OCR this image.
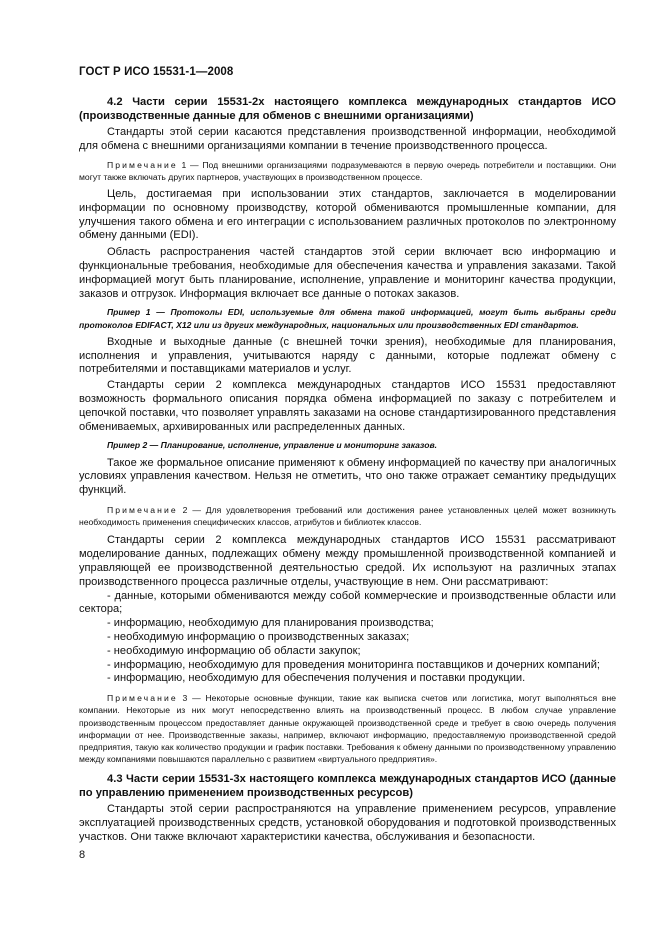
ГОСТ Р ИСО 15531-1—2008

4.2 Части серии 15531-2х настоящего комплекса международных стандартов ИСО (производственные данные для обменов с внешними организациями)

Стандарты этой серии касаются представления производственной информации, необходимой для обмена с внешними организациями компании в течение производственного процесса.

Примечание 1 — Под внешними организациями подразумеваются в первую очередь потребители и поставщики. Они могут также включать других партнеров, участвующих в производственном процессе.

Цель, достигаемая при использовании этих стандартов, заключается в моделировании информации по основному производству, которой обмениваются промышленные компании, для улучшения такого обмена и его интеграции с использованием различных протоколов по электронному обмену данными (EDI).

Область распространения частей стандартов этой серии включает всю информацию и функциональные требования, необходимые для обеспечения качества и управления заказами. Такой информацией могут быть планирование, исполнение, управление и мониторинг качества продукции, заказов и отгрузок. Информация включает все данные о потоках заказов.

Пример 1 — Протоколы EDI, используемые для обмена такой информацией, могут быть выбраны среди протоколов EDIFACT, X12 или из других международных, национальных или производственных EDI стандартов.

Входные и выходные данные (с внешней точки зрения), необходимые для планирования, исполнения и управления, учитываются наряду с данными, которые подлежат обмену с потребителями и поставщиками материалов и услуг.

Стандарты серии 2 комплекса международных стандартов ИСО 15531 предоставляют возможность формального описания порядка обмена информацией по заказу с потребителем и цепочкой поставки, что позволяет управлять заказами на основе стандартизированного представления обмениваемых, архивированных или распределенных данных.

Пример 2 — Планирование, исполнение, управление и мониторинг заказов.

Такое же формальное описание применяют к обмену информацией по качеству при аналогичных условиях управления качеством. Нельзя не отметить, что оно также отражает семантику предыдущих функций.

Примечание 2 — Для удовлетворения требований или достижения ранее установленных целей может возникнуть необходимость применения специфических классов, атрибутов и библиотек классов.

Стандарты серии 2 комплекса международных стандартов ИСО 15531 рассматривают моделирование данных, подлежащих обмену между промышленной производственной компанией и управляющей ее производственной деятельностью средой. Их используют на различных этапах производственного процесса различные отделы, участвующие в нем. Они рассматривают:

- данные, которыми обмениваются между собой коммерческие и производственные области или сектора;

- информацию, необходимую для планирования производства;

- необходимую информацию о производственных заказах;

- необходимую информацию об области закупок;

- информацию, необходимую для проведения мониторинга поставщиков и дочерних компаний;

- информацию, необходимую для обеспечения получения и поставки продукции.

Примечание 3 — Некоторые основные функции, такие как выписка счетов или логистика, могут выполняться вне компании. Некоторые из них могут непосредственно влиять на производственный процесс. В любом случае управление производственным процессом предоставляет данные окружающей производственной среде и требует в свою очередь получения информации от нее. Производственные заказы, например, включают информацию, предоставляемую производственной средой предприятия, такую как количество продукции и график поставки. Требования к обмену данными по производственному управлению между компаниями повышаются параллельно с развитием «виртуального предприятия».

4.3 Части серии 15531-3х настоящего комплекса международных стандартов ИСО (данные по управлению применением производственных ресурсов)

Стандарты этой серии распространяются на управление применением ресурсов, управление эксплуатацией производственных средств, установкой оборудования и подготовкой производственных участков. Они также включают характеристики качества, обслуживания и безопасности.

8
